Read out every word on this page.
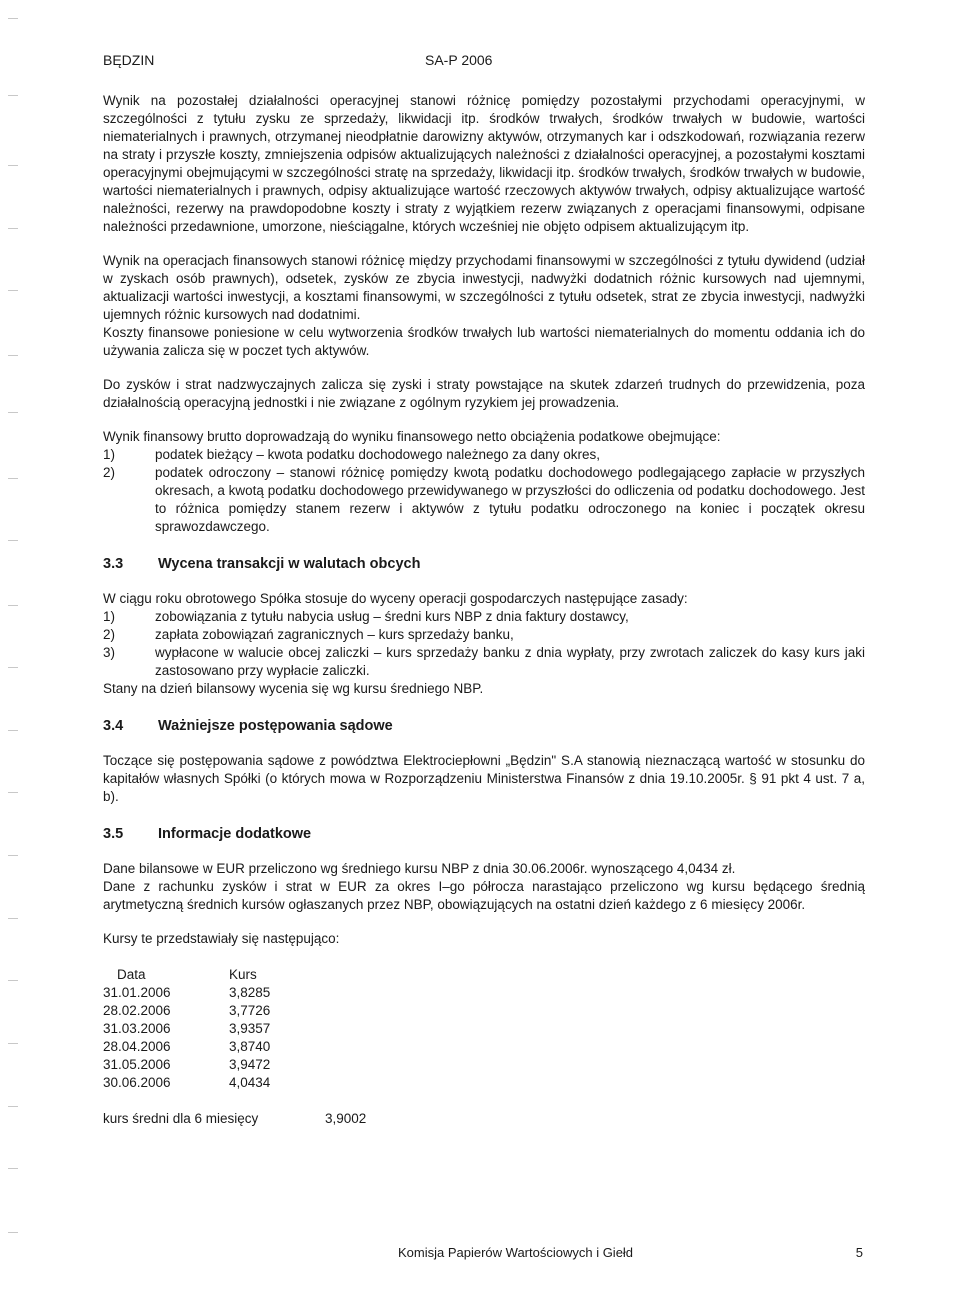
BĘDZIN	SA-P 2006

Wynik na pozostałej działalności operacyjnej stanowi różnicę pomiędzy pozostałymi przychodami operacyjnymi, w szczególności z tytułu zysku ze sprzedaży, likwidacji itp. środków trwałych, środków trwałych w budowie, wartości niematerialnych i prawnych, otrzymanej nieodpłatnie darowizny aktywów, otrzymanych kar i odszkodowań, rozwiązania rezerw na straty i przyszłe koszty, zmniejszenia odpisów aktualizujących należności z działalności operacyjnej, a pozostałymi kosztami operacyjnymi obejmującymi w szczególności stratę na sprzedaży, likwidacji itp. środków trwałych, środków trwałych w budowie, wartości niematerialnych i prawnych, odpisy aktualizujące wartość rzeczowych aktywów trwałych, odpisy aktualizujące wartość należności, rezerwy na prawdopodobne koszty i straty z wyjątkiem rezerw związanych z operacjami finansowymi, odpisane należności przedawnione, umorzone, nieściągalne, których wcześniej nie objęto odpisem aktualizującym itp.

Wynik na operacjach finansowych stanowi różnicę między przychodami finansowymi w szczególności z tytułu dywidend (udział w zyskach osób prawnych), odsetek, zysków ze zbycia inwestycji, nadwyżki dodatnich różnic kursowych nad ujemnymi, aktualizacji wartości inwestycji, a kosztami finansowymi, w szczególności z tytułu odsetek, strat ze zbycia inwestycji, nadwyżki ujemnych różnic kursowych nad dodatnimi.

Koszty finansowe poniesione w celu wytworzenia środków trwałych lub wartości niematerialnych do momentu oddania ich do używania zalicza się w poczet tych aktywów.

Do zysków i strat nadzwyczajnych zalicza się zyski i straty powstające na skutek zdarzeń trudnych do przewidzenia, poza działalnością operacyjną jednostki i nie związane z ogólnym ryzykiem jej prowadzenia.

Wynik finansowy brutto doprowadzają do wyniku finansowego netto obciążenia podatkowe obejmujące:

1)	podatek bieżący – kwota podatku dochodowego należnego za dany okres,
2)	podatek odroczony – stanowi różnicę pomiędzy kwotą podatku dochodowego podlegającego zapłacie w przyszłych okresach, a kwotą podatku dochodowego przewidywanego w przyszłości do odliczenia od podatku dochodowego. Jest to różnica pomiędzy stanem rezerw i aktywów z tytułu podatku odroczonego na koniec i początek okresu sprawozdawczego.
3.3	Wycena transakcji w walutach obcych

W ciągu roku obrotowego Spółka stosuje do wyceny operacji gospodarczych następujące zasady:

1)	zobowiązania z tytułu nabycia usług – średni kurs NBP z dnia faktury dostawcy,
2)	zapłata zobowiązań zagranicznych – kurs sprzedaży banku,
3)	wypłacone w walucie obcej zaliczki – kurs sprzedaży banku z dnia wypłaty, przy zwrotach zaliczek do kasy kurs jaki zastosowano przy wypłacie zaliczki.

Stany na dzień bilansowy wycenia się wg kursu średniego NBP.

3.4	Ważniejsze postępowania sądowe

Toczące się postępowania sądowe z powództwa Elektrociepłowni „Będzin" S.A stanowią nieznaczącą wartość w stosunku do kapitałów własnych Spółki (o których mowa w Rozporządzeniu Ministerstwa Finansów z dnia 19.10.2005r. § 91 pkt 4 ust. 7 a, b).

3.5	Informacje dodatkowe

Dane bilansowe w EUR przeliczono wg średniego kursu NBP z dnia 30.06.2006r. wynoszącego 4,0434 zł.

Dane z rachunku zysków i strat w EUR za okres I–go półrocza narastająco przeliczono wg kursu będącego średnią arytmetyczną średnich kursów ogłaszanych przez NBP, obowiązujących na ostatni dzień każdego z 6 miesięcy 2006r.

Kursy te przedstawiały się następująco:

Data	Kurs
31.01.2006	3,8285
28.02.2006	3,7726
31.03.2006	3,9357
28.04.2006	3,8740
31.05.2006	3,9472
30.06.2006	4,0434
kurs średni dla 6 miesięcy	3,9002
Komisja Papierów Wartościowych i Giełd	5
